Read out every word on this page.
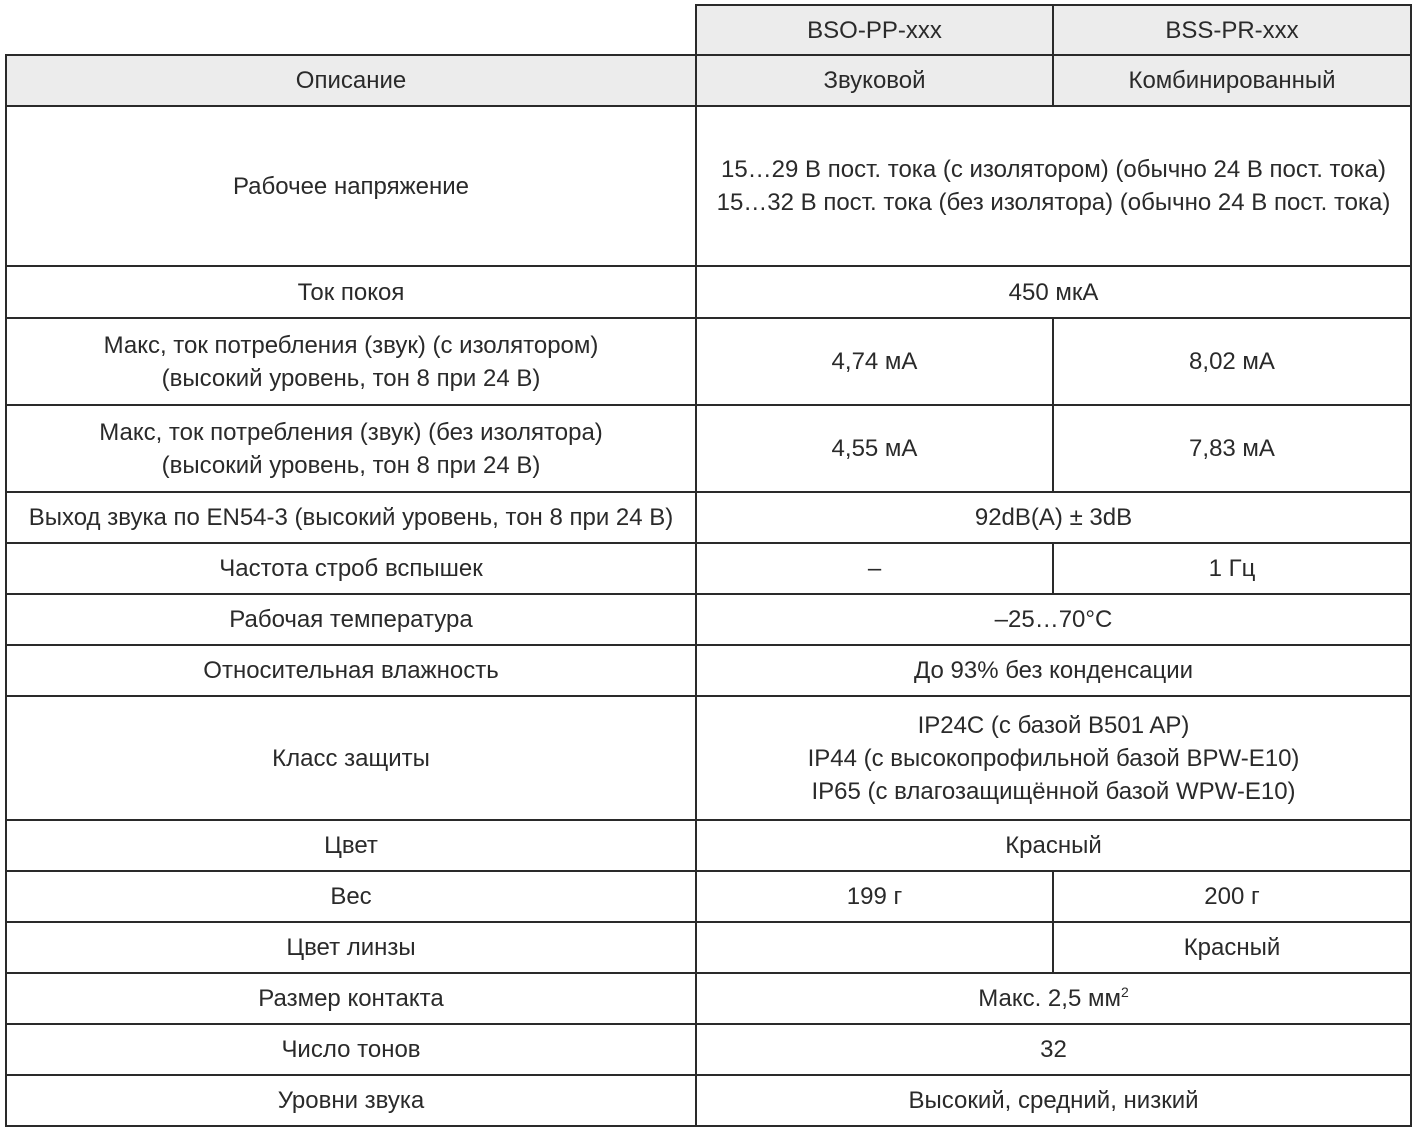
	BSO-PP-xxx	BSS-PR-xxx
Описание	Звуковой	Комбинированный
Рабочее напряжение	15…29 В пост. тока (с изолятором) (обычно 24 В пост. тока)
15…32 В пост. тока (без изолятора) (обычно 24 В пост. тока)	

Ток покоя	450 мкА	

Макс, ток потребления (звук) (с изолятором)
(высокий уровень, тон 8 при 24 В)	4,74 мА	8,02 мА

Макс, ток потребления (звук) (без изолятора)
(высокий уровень, тон 8 при 24 В)	4,55 мА	7,83 мА
Выход звука по EN54-3 (высокий уровень, тон 8 при 24 В)	92dB(A) ± 3dB	
Частота строб вспышек	–	1 Гц
Рабочая температура	–25…70°C	
Относительная влажность	До 93% без конденсации	
Класс защиты	IP24C (с базой B501 AP)
IP44 (с высокопрофильной базой BPW-E10)
IP65 (с влагозащищённой базой WPW-E10)	

Цвет	Красный	
Вес	199 г	200 г
Цвет линзы		Красный
Размер контакта	Макс. 2,5 $мм^2$
Число тонов	32	
Уровни звука	Высокий, средний, низкий	
